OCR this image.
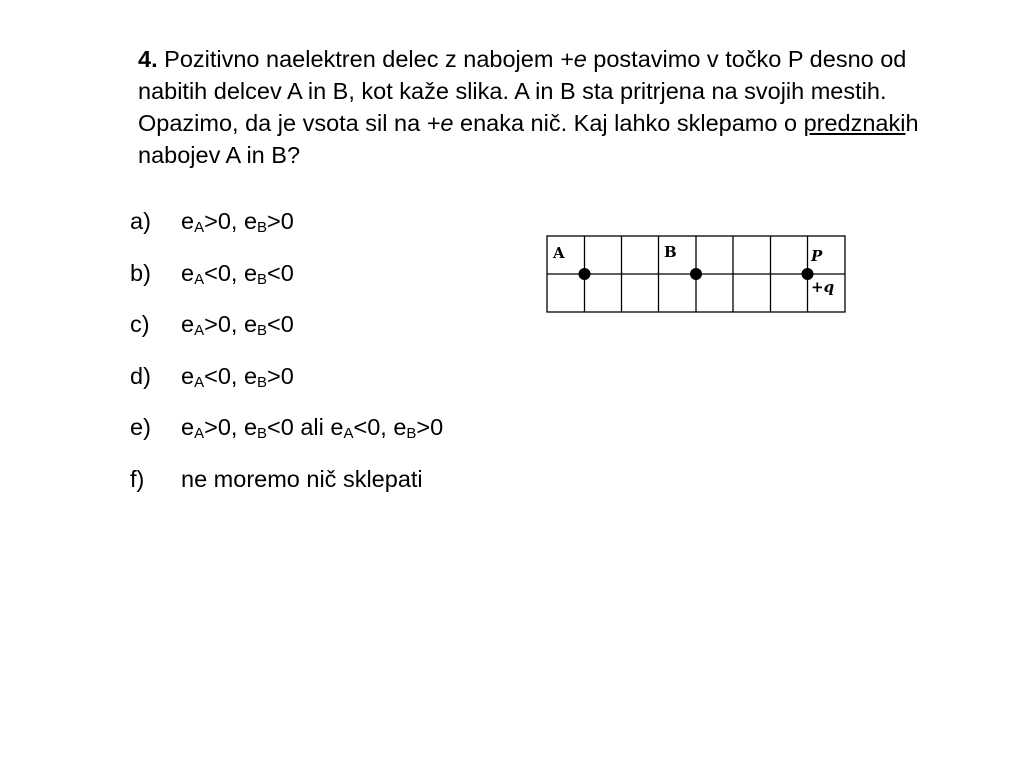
4. Pozitivno naelektren delec z nabojem +e postavimo v točko P desno od nabitih delcev A in B, kot kaže slika. A in B sta pritrjena na svojih mestih. Opazimo, da je vsota sil na +e enaka nič. Kaj lahko sklepamo o predznakih nabojev A in B?
a) $e_A>0$, $e_B>0$
b) $e_A<0$, $e_B<0$
c) $e_A>0$, $e_B<0$
d) $e_A<0$, $e_B>0$
e) $e_A>0$, $e_B<0$ ali $e_A<0$, $e_B>0$
f) ne moremo nič sklepati
A	B	P
+q
